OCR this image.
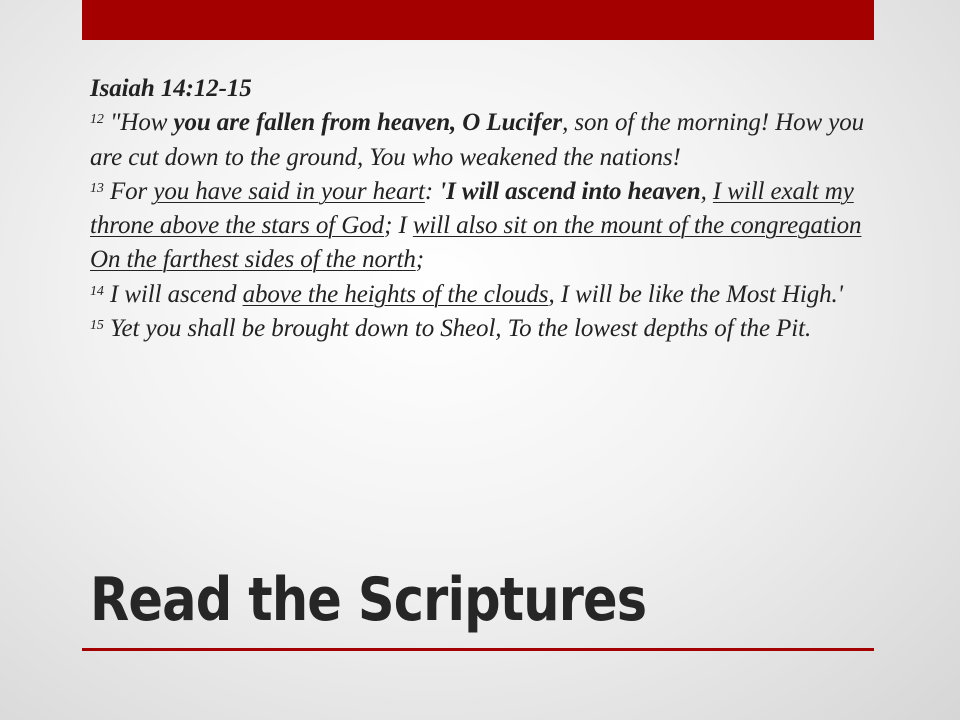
Isaiah 14:12-15
$^{12}$ "How you are fallen from heaven, O Lucifer, son of the morning! How you are cut down to the ground, You who weakened the nations!
$^{13}$ For you have said in your heart: 'I will ascend into heaven, I will exalt my throne above the stars of God; I will also sit on the mount of the congregation On the farthest sides of the north;
$^{14}$ I will ascend above the heights of the clouds, I will be like the Most High.'
$^{15}$ Yet you shall be brought down to Sheol, To the lowest depths of the Pit.
Read the Scriptures
